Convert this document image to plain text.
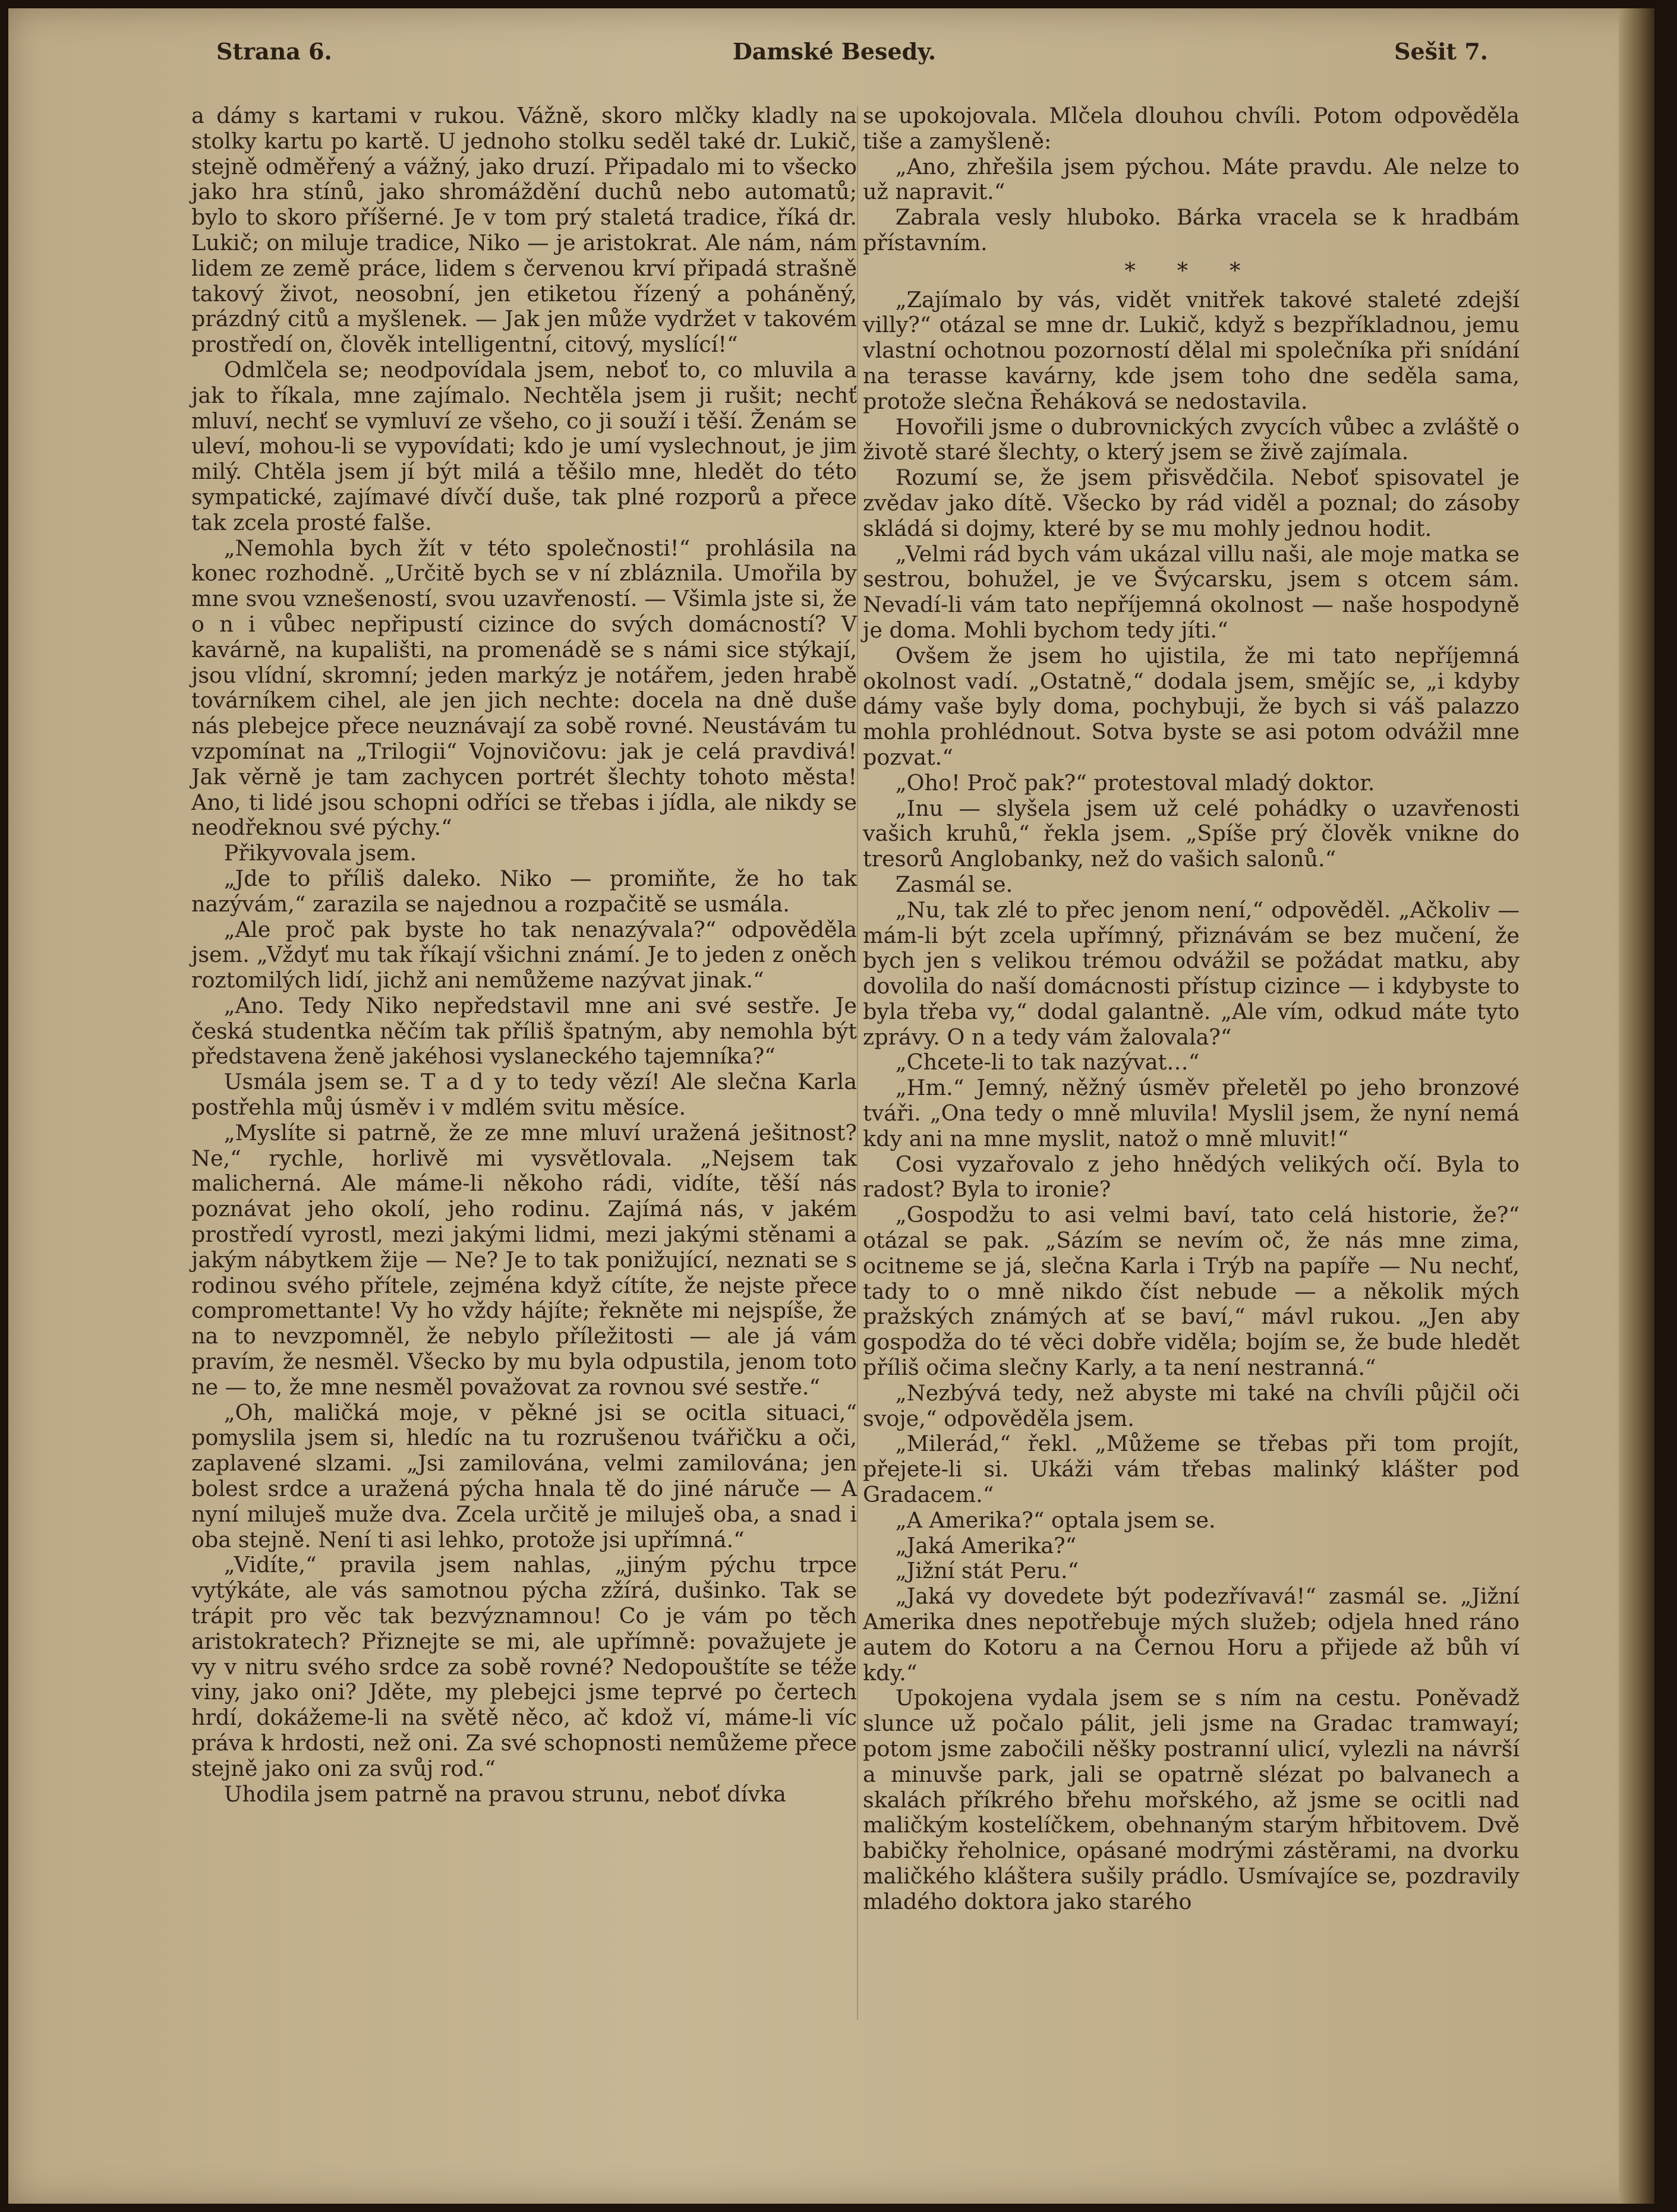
Strana 6.	Damské Besedy.	Sešit 7.

a dámy s kartami v rukou. Vážně, skoro mlčky kladly na stolky kartu po kartě. U jednoho stolku seděl také dr. Lukič, stejně odměřený a vážný, jako druzí. Připadalo mi to všecko jako hra stínů, jako shromáždění duchů nebo automatů; bylo to skoro příšerné. Je v tom prý staletá tradice, říká dr. Lukič; on miluje tradice, Niko — je aristokrat. Ale nám, nám lidem ze země práce, lidem s červenou krví připadá strašně takový život, neosobní, jen etiketou řízený a poháněný, prázdný citů a myšlenek. — Jak jen může vydržet v takovém prostředí on, člověk intelligentní, citový, myslící!“

Odmlčela se; neodpovídala jsem, neboť to, co mluvila a jak to říkala, mne zajímalo. Nechtěla jsem ji rušit; nechť mluví, nechť se vymluví ze všeho, co ji souží i těší. Ženám se uleví, mohou-li se vypovídati; kdo je umí vyslechnout, je jim milý. Chtěla jsem jí být milá a těšilo mne, hledět do této sympatické, zajímavé dívčí duše, tak plné rozporů a přece tak zcela prosté falše.

„Nemohla bych žít v této společnosti!“ prohlásila na konec rozhodně. „Určitě bych se v ní zbláznila. Umořila by mne svou vznešeností, svou uzavřeností. — Všimla jste si, že o n i vůbec nepřipustí cizince do svých domácností? V kavárně, na kupališti, na promenádě se s námi sice stýkají, jsou vlídní, skromní; jeden markýz je notářem, jeden hrabě továrníkem cihel, ale jen jich nechte: docela na dně duše nás plebejce přece neuznávají za sobě rovné. Neustávám tu vzpomínat na „Trilogii“ Vojnovičovu: jak je celá pravdivá! Jak věrně je tam zachycen portrét šlechty tohoto města! Ano, ti lidé jsou schopni odříci se třebas i jídla, ale nikdy se neodřeknou své pýchy.“

Přikyvovala jsem.

„Jde to příliš daleko. Niko — promiňte, že ho tak nazývám,“ zarazila se najednou a rozpačitě se usmála.

„Ale proč pak byste ho tak nenazývala?“ odpověděla jsem. „Vždyť mu tak říkají všichni známí. Je to jeden z oněch roztomilých lidí, jichž ani nemůžeme nazývat jinak.“

„Ano. Tedy Niko nepředstavil mne ani své sestře. Je česká studentka něčím tak příliš špatným, aby nemohla být představena ženě jakéhosi vyslaneckého tajemníka?“

Usmála jsem se. T a d y to tedy vězí! Ale slečna Karla postřehla můj úsměv i v mdlém svitu měsíce.

„Myslíte si patrně, že ze mne mluví uražená ješitnost? Ne,“ rychle, horlivě mi vysvětlovala. „Nejsem tak malicherná. Ale máme-li někoho rádi, vidíte, těší nás poznávat jeho okolí, jeho rodinu. Zajímá nás, v jakém prostředí vyrostl, mezi jakými lidmi, mezi jakými stěnami a jakým nábytkem žije — Ne? Je to tak ponižující, neznati se s rodinou svého přítele, zejména když cítíte, že nejste přece compromettante! Vy ho vždy hájíte; řekněte mi nejspíše, že na to nevzpomněl, že nebylo příležitosti — ale já vám pravím, že nesměl. Všecko by mu byla odpustila, jenom toto ne — to, že mne nesměl považovat za rovnou své sestře.“

„Oh, maličká moje, v pěkné jsi se ocitla situaci,“ pomyslila jsem si, hledíc na tu rozrušenou tvářičku a oči, zaplavené slzami. „Jsi zamilována, velmi zamilována; jen bolest srdce a uražená pýcha hnala tě do jiné náruče — A nyní miluješ muže dva. Zcela určitě je miluješ oba, a snad i oba stejně. Není ti asi lehko, protože jsi upřímná.“

„Vidíte,“ pravila jsem nahlas, „jiným pýchu trpce vytýkáte, ale vás samotnou pýcha zžírá, dušinko. Tak se trápit pro věc tak bezvýznamnou! Co je vám po těch aristokratech? Přiznejte se mi, ale upřímně: považujete je vy v nitru svého srdce za sobě rovné? Nedopouštíte se téže viny, jako oni? Jděte, my plebejci jsme teprvé po čertech hrdí, dokážeme-li na světě něco, ač kdož ví, máme-li víc práva k hrdosti, než oni. Za své schopnosti nemůžeme přece stejně jako oni za svůj rod.“

Uhodila jsem patrně na pravou strunu, neboť dívka

se upokojovala. Mlčela dlouhou chvíli. Potom odpověděla tiše a zamyšleně:

„Ano, zhřešila jsem pýchou. Máte pravdu. Ale nelze to už napravit.“

Zabrala vesly hluboko. Bárka vracela se k hradbám přístavním.

* * *

„Zajímalo by vás, vidět vnitřek takové staleté zdejší villy?“ otázal se mne dr. Lukič, když s bezpříkladnou, jemu vlastní ochotnou pozorností dělal mi společníka při snídání na terasse kavárny, kde jsem toho dne seděla sama, protože slečna Řeháková se nedostavila.

Hovořili jsme o dubrovnických zvycích vůbec a zvláště o životě staré šlechty, o který jsem se živě zajímala.

Rozumí se, že jsem přisvědčila. Neboť spisovatel je zvědav jako dítě. Všecko by rád viděl a poznal; do zásoby skládá si dojmy, které by se mu mohly jednou hodit.

„Velmi rád bych vám ukázal villu naši, ale moje matka se sestrou, bohužel, je ve Švýcarsku, jsem s otcem sám. Nevadí-li vám tato nepříjemná okolnost — naše hospodyně je doma. Mohli bychom tedy jíti.“

Ovšem že jsem ho ujistila, že mi tato nepříjemná okolnost vadí. „Ostatně,“ dodala jsem, smějíc se, „i kdyby dámy vaše byly doma, pochybuji, že bych si váš palazzo mohla prohlédnout. Sotva byste se asi potom odvážil mne pozvat.“

„Oho! Proč pak?“ protestoval mladý doktor.

„Inu — slyšela jsem už celé pohádky o uzavřenosti vašich kruhů,“ řekla jsem. „Spíše prý člověk vnikne do tresorů Anglobanky, než do vašich salonů.“

Zasmál se.

„Nu, tak zlé to přec jenom není,“ odpověděl. „Ačkoliv — mám-li být zcela upřímný, přiznávám se bez mučení, že bych jen s velikou trémou odvážil se požádat matku, aby dovolila do naší domácnosti přístup cizince — i kdybyste to byla třeba vy,“ dodal galantně. „Ale vím, odkud máte tyto zprávy. O n a tedy vám žalovala?“

„Chcete-li to tak nazývat…“

„Hm.“ Jemný, něžný úsměv přeletěl po jeho bronzové tváři. „Ona tedy o mně mluvila! Myslil jsem, že nyní nemá kdy ani na mne myslit, natož o mně mluvit!“

Cosi vyzařovalo z jeho hnědých velikých očí. Byla to radost? Byla to ironie?

„Gospodžu to asi velmi baví, tato celá historie, že?“ otázal se pak. „Sázím se nevím oč, že nás mne zima, ocitneme se já, slečna Karla i Trýb na papíře — Nu nechť, tady to o mně nikdo číst nebude — a několik mých pražských známých ať se baví,“ mávl rukou. „Jen aby gospodža do té věci dobře viděla; bojím se, že bude hledět příliš očima slečny Karly, a ta není nestranná.“

„Nezbývá tedy, než abyste mi také na chvíli půjčil oči svoje,“ odpověděla jsem.

„Milerád,“ řekl. „Můžeme se třebas při tom projít, přejete-li si. Ukáži vám třebas malinký klášter pod Gradacem.“

„A Amerika?“ optala jsem se.

„Jaká Amerika?“

„Jižní stát Peru.“

„Jaká vy dovedete být podezřívavá!“ zasmál se. „Jižní Amerika dnes nepotřebuje mých služeb; odjela hned ráno autem do Kotoru a na Černou Horu a přijede až bůh ví kdy.“

Upokojena vydala jsem se s ním na cestu. Poněvadž slunce už počalo pálit, jeli jsme na Gradac tramwayí; potom jsme zabočili něšky postranní ulicí, vylezli na návrší a minuvše park, jali se opatrně slézat po balvanech a skalách příkrého břehu mořského, až jsme se ocitli nad maličkým kostelíčkem, obehnaným starým hřbitovem. Dvě babičky řeholnice, opásané modrými zástěrami, na dvorku maličkého kláštera sušily prádlo. Usmívajíce se, pozdravily mladého doktora jako starého
